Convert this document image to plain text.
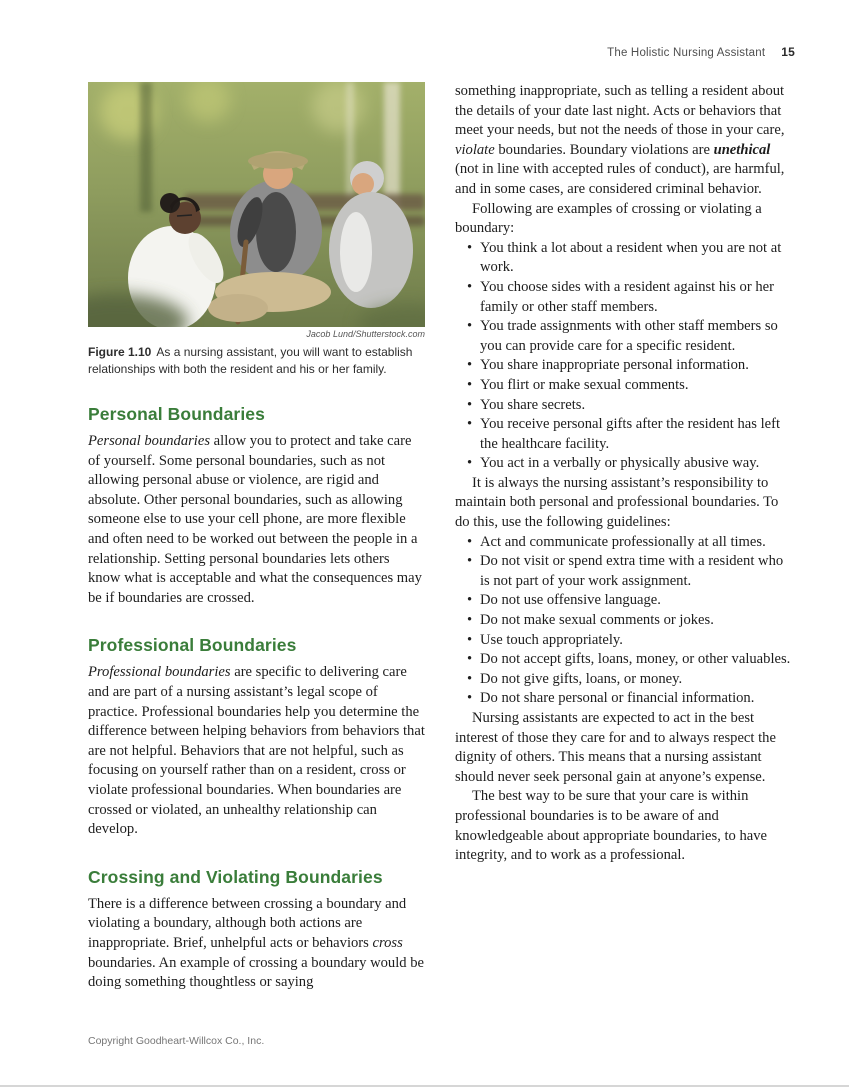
The Holistic Nursing Assistant 15
Jacob Lund/Shutterstock.com
Figure 1.10 As a nursing assistant, you will want to establish relationships with both the resident and his or her family.
Personal Boundaries

Personal boundaries allow you to protect and take care of yourself. Some personal boundaries, such as not allowing personal abuse or violence, are rigid and absolute. Other personal boundaries, such as allowing someone else to use your cell phone, are more flexible and often need to be worked out between the people in a relationship. Setting personal boundaries lets others know what is acceptable and what the consequences may be if boundaries are crossed.

Professional Boundaries

Professional boundaries are specific to delivering care and are part of a nursing assistant’s legal scope of practice. Professional boundaries help you determine the difference between helping behaviors from behaviors that are not helpful. Behaviors that are not helpful, such as focusing on yourself rather than on a resident, cross or violate professional boundaries. When boundaries are crossed or violated, an unhealthy relationship can develop.

Crossing and Violating Boundaries

There is a difference between crossing a boundary and violating a boundary, although both actions are inappropriate. Brief, unhelpful acts or behaviors cross boundaries. An example of crossing a boundary would be doing something thoughtless or saying

something inappropriate, such as telling a resident about the details of your date last night. Acts or behaviors that meet your needs, but not the needs of those in your care, violate boundaries. Boundary violations are unethical (not in line with accepted rules of conduct), are harmful, and in some cases, are considered criminal behavior.

Following are examples of crossing or violating a boundary:

• You think a lot about a resident when you are not at work.
• You choose sides with a resident against his or her family or other staff members.
• You trade assignments with other staff members so you can provide care for a specific resident.
• You share inappropriate personal information.
• You flirt or make sexual comments.
• You share secrets.
• You receive personal gifts after the resident has left the healthcare facility.
• You act in a verbally or physically abusive way.

It is always the nursing assistant’s responsibility to maintain both personal and professional boundaries. To do this, use the following guidelines:

• Act and communicate professionally at all times.
• Do not visit or spend extra time with a resident who is not part of your work assignment.
• Do not use offensive language.
• Do not make sexual comments or jokes.
• Use touch appropriately.
• Do not accept gifts, loans, money, or other valuables.
• Do not give gifts, loans, or money.
• Do not share personal or financial information.

Nursing assistants are expected to act in the best interest of those they care for and to always respect the dignity of others. This means that a nursing assistant should never seek personal gain at anyone’s expense.

The best way to be sure that your care is within professional boundaries is to be aware of and knowledgeable about appropriate boundaries, to have integrity, and to work as a professional.

Copyright Goodheart-Willcox Co., Inc.
